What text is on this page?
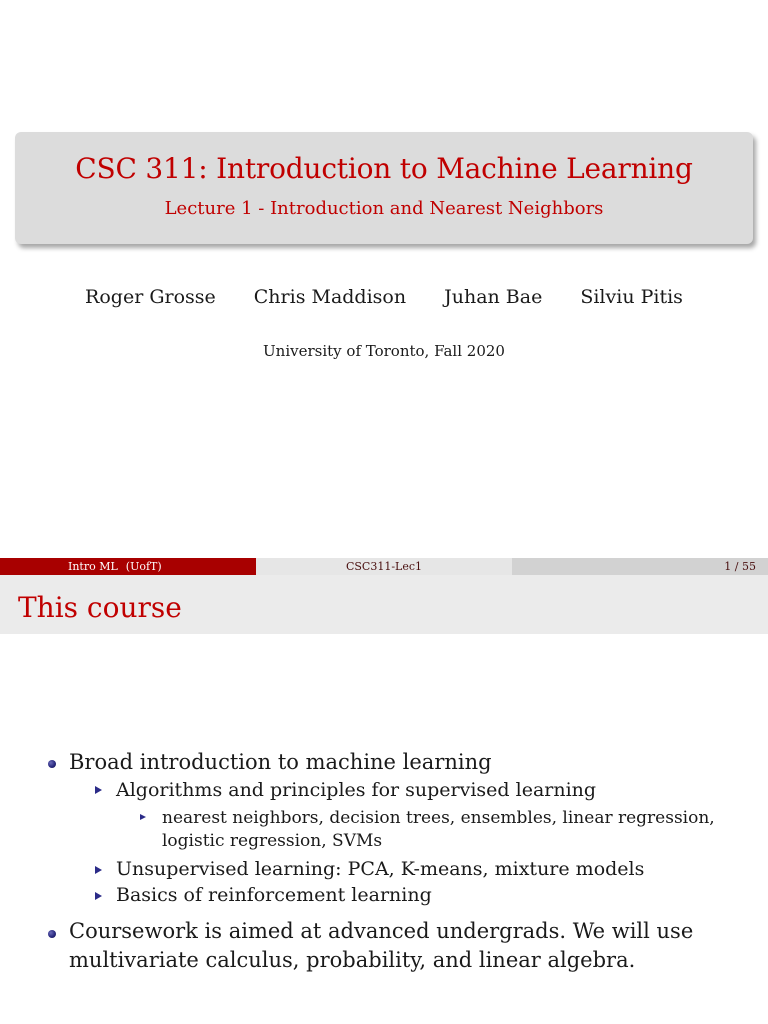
CSC 311: Introduction to Machine Learning
Lecture 1 - Introduction and Nearest Neighbors
Roger Grosse Chris Maddison Juhan Bae Silviu Pitis
University of Toronto, Fall 2020
Intro ML (UofT)	CSC311-Lec1	1 / 55
This course
Broad introduction to machine learning
Algorithms and principles for supervised learning
nearest neighbors, decision trees, ensembles, linear regression,
logistic regression, SVMs
Unsupervised learning: PCA, K-means, mixture models
Basics of reinforcement learning
Coursework is aimed at advanced undergrads. We will use
multivariate calculus, probability, and linear algebra.
